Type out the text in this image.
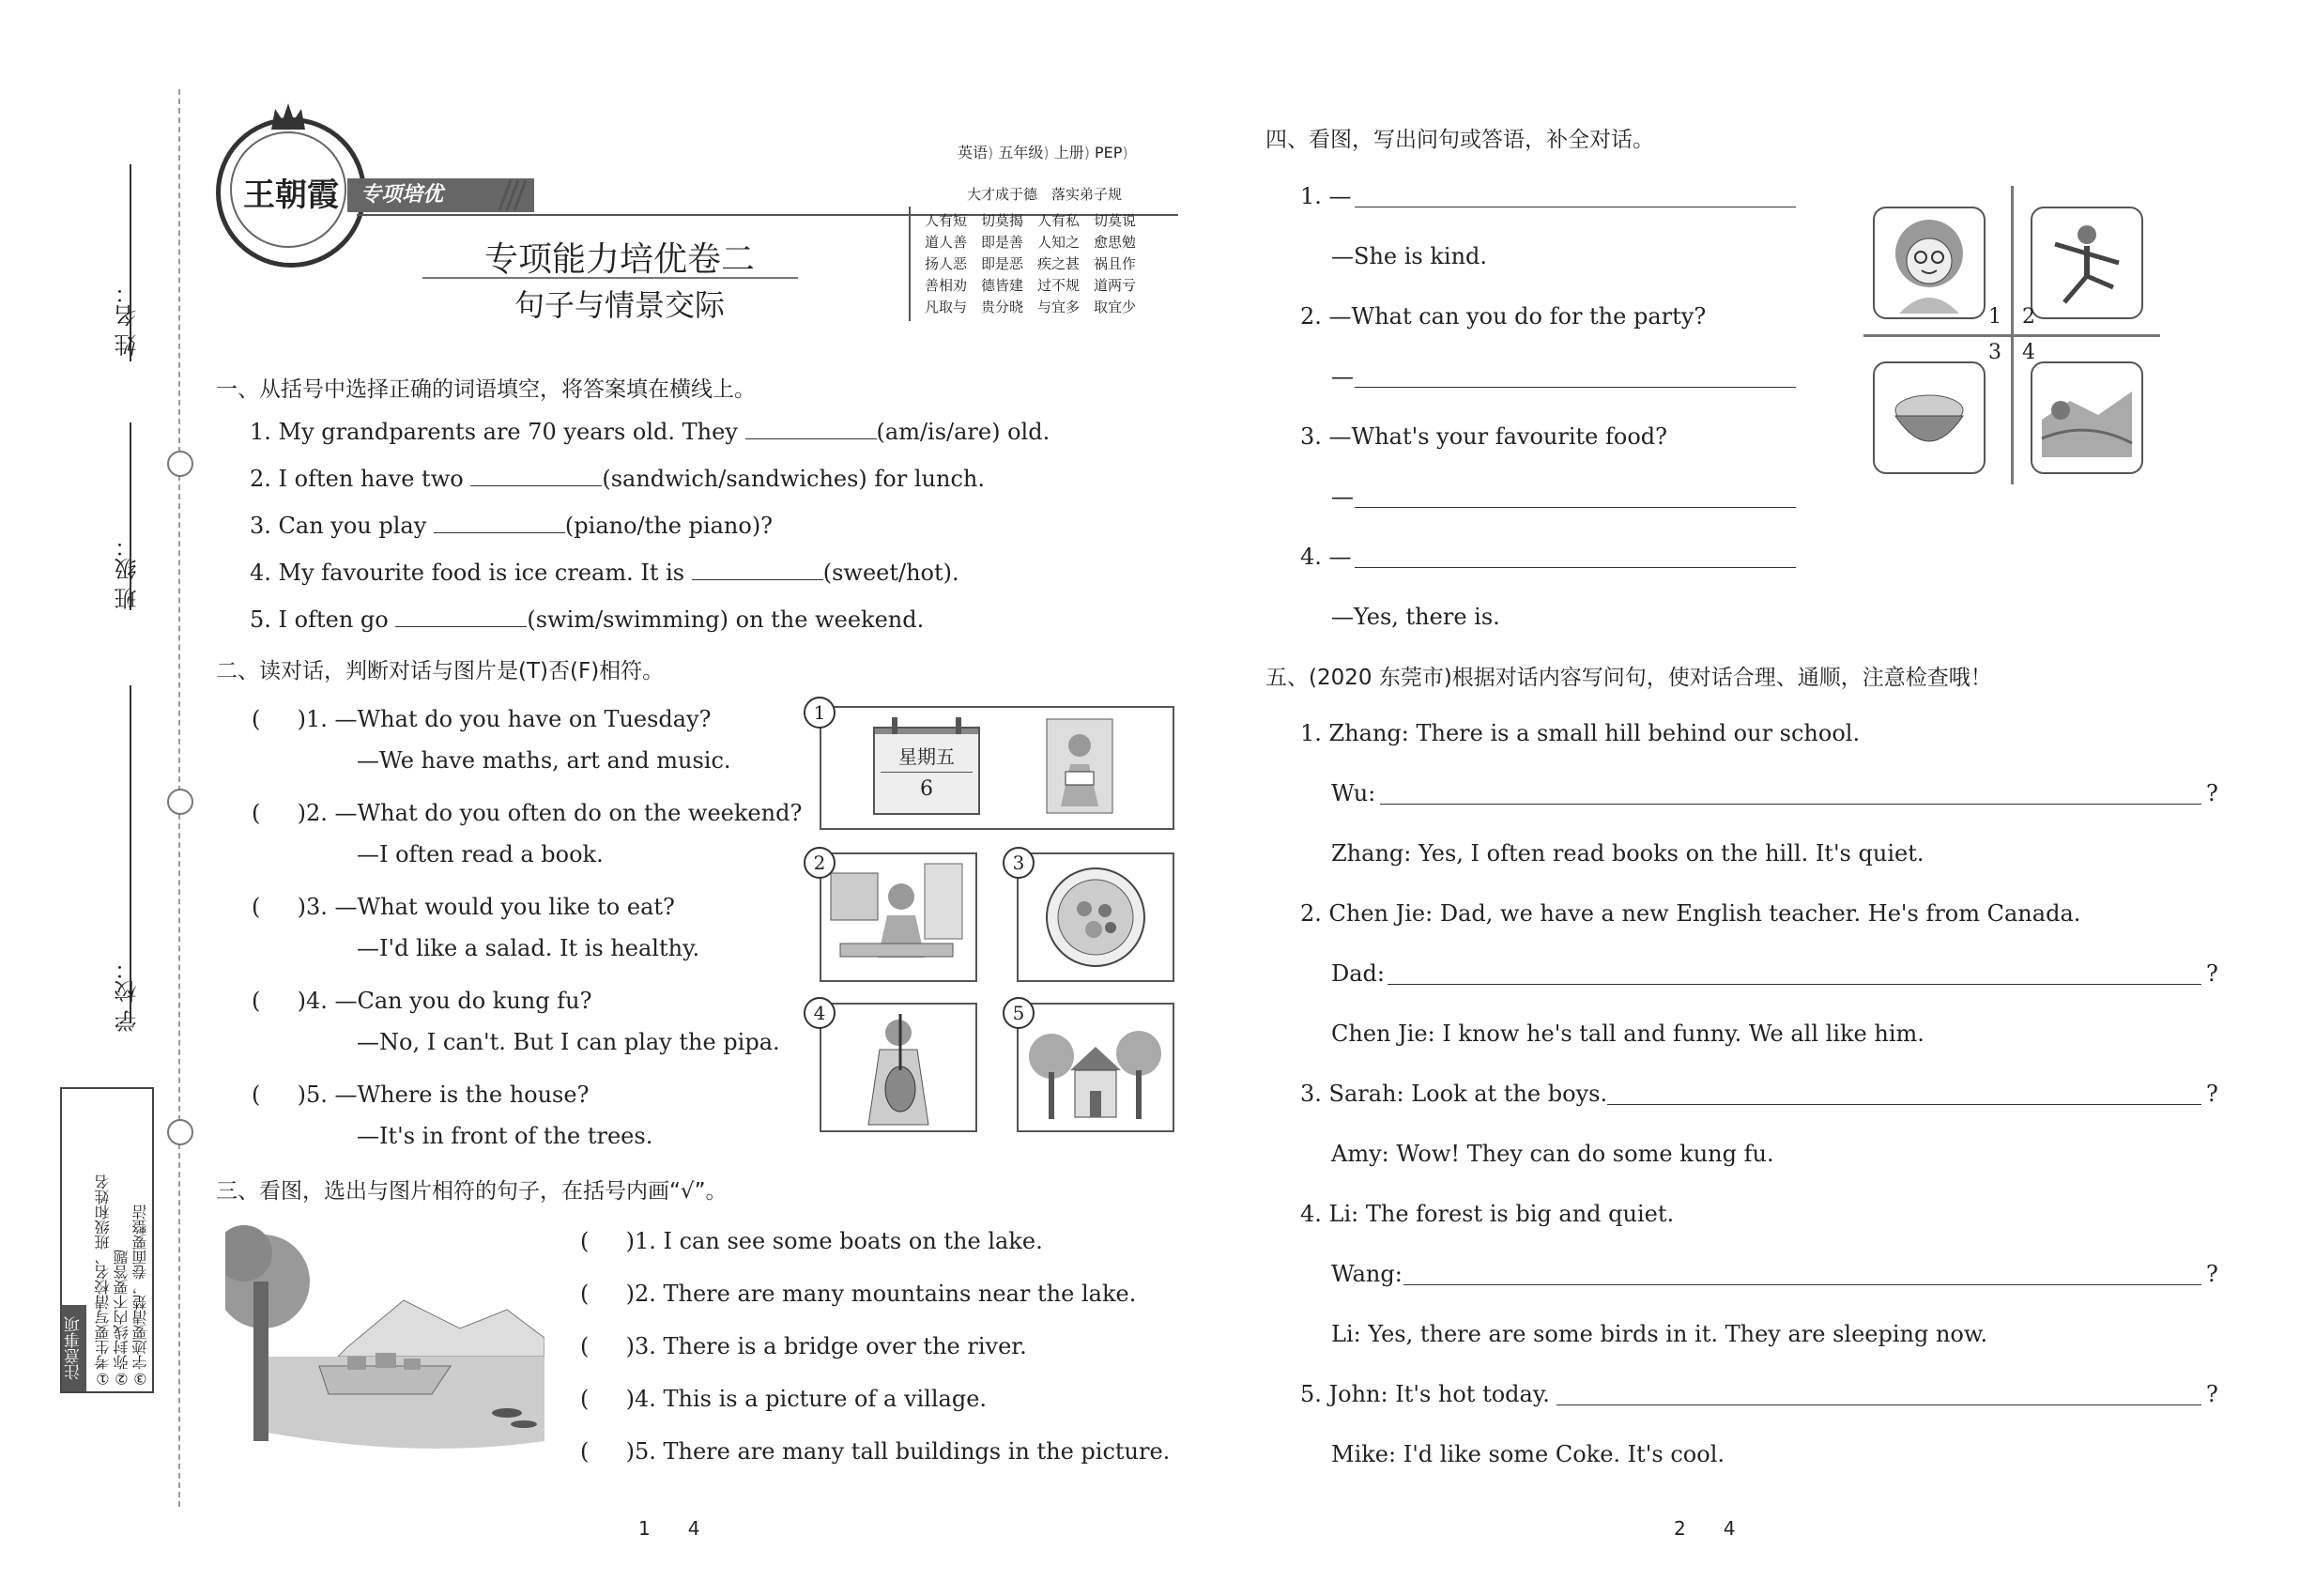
姓 名：
班 级：
学 校：
注意事项 ①考生要写清校名、班级和姓名 ②弥封线内不要答题 ③字迹要清楚，卷面要整洁
王朝霞	专项培优
英语) 五年级) 上册) PEP)
大才成于德　落实弟子规
人有短　切莫揭　人有私　切莫说
道人善　即是善　人知之　愈思勉
扬人恶　即是恶　疾之甚　祸且作
善相劝　德皆建　过不规　道两亏
凡取与　贵分晓　与宜多　取宜少
专项能力培优卷二
句子与情景交际
一、从括号中选择正确的词语填空，将答案填在横线上。
1. My grandparents are 70 years old. They	(am/is/are) old.
2. I often have two	(sandwich/sandwiches) for lunch.
3. Can you play	(piano/the piano)?
4. My favourite food is ice cream. It is	(sweet/hot).
5. I often go	(swim/swimming) on the weekend.
二、读对话，判断对话与图片是(T)否(F)相符。
( 　 )1. —What do you have on Tuesday?
—We have maths, art and music.
( 　 )2. —What do you often do on the weekend?
—I often read a book.
( 　 )3. —What would you like to eat?
—I'd like a salad. It is healthy.
( 　 )4. —Can you do kung fu?
—No, I can't. But I can play the pipa.
( 　 )5. —Where is the house?
—It's in front of the trees.
星期五
6
1
2	3
4	5
三、看图，选出与图片相符的句子，在括号内画“√”。
( 　 )1. I can see some boats on the lake.
( 　 )2. There are many mountains near the lake.
( 　 )3. There is a bridge over the river.
( 　 )4. This is a picture of a village.
( 　 )5. There are many tall buildings in the picture.
1　　4
四、看图，写出问句或答语，补全对话。
1. —
—She is kind.
2. —What can you do for the party?
—
3. —What's your favourite food?
—
4. —
—Yes, there is.
1 2
3 4
五、(2020 东莞市)根据对话内容写问句，使对话合理、通顺，注意检查哦！
1. Zhang: There is a small hill behind our school.
Wu:	?
Zhang: Yes, I often read books on the hill. It's quiet.
2. Chen Jie: Dad, we have a new English teacher. He's from Canada.
Dad:	?
Chen Jie: I know he's tall and funny. We all like him.
3. Sarah: Look at the boys.	?
Amy: Wow! They can do some kung fu.
4. Li: The forest is big and quiet.
Wang:	?
Li: Yes, there are some birds in it. They are sleeping now.
5. John: It's hot today.	?
Mike: I'd like some Coke. It's cool.
2　　4
